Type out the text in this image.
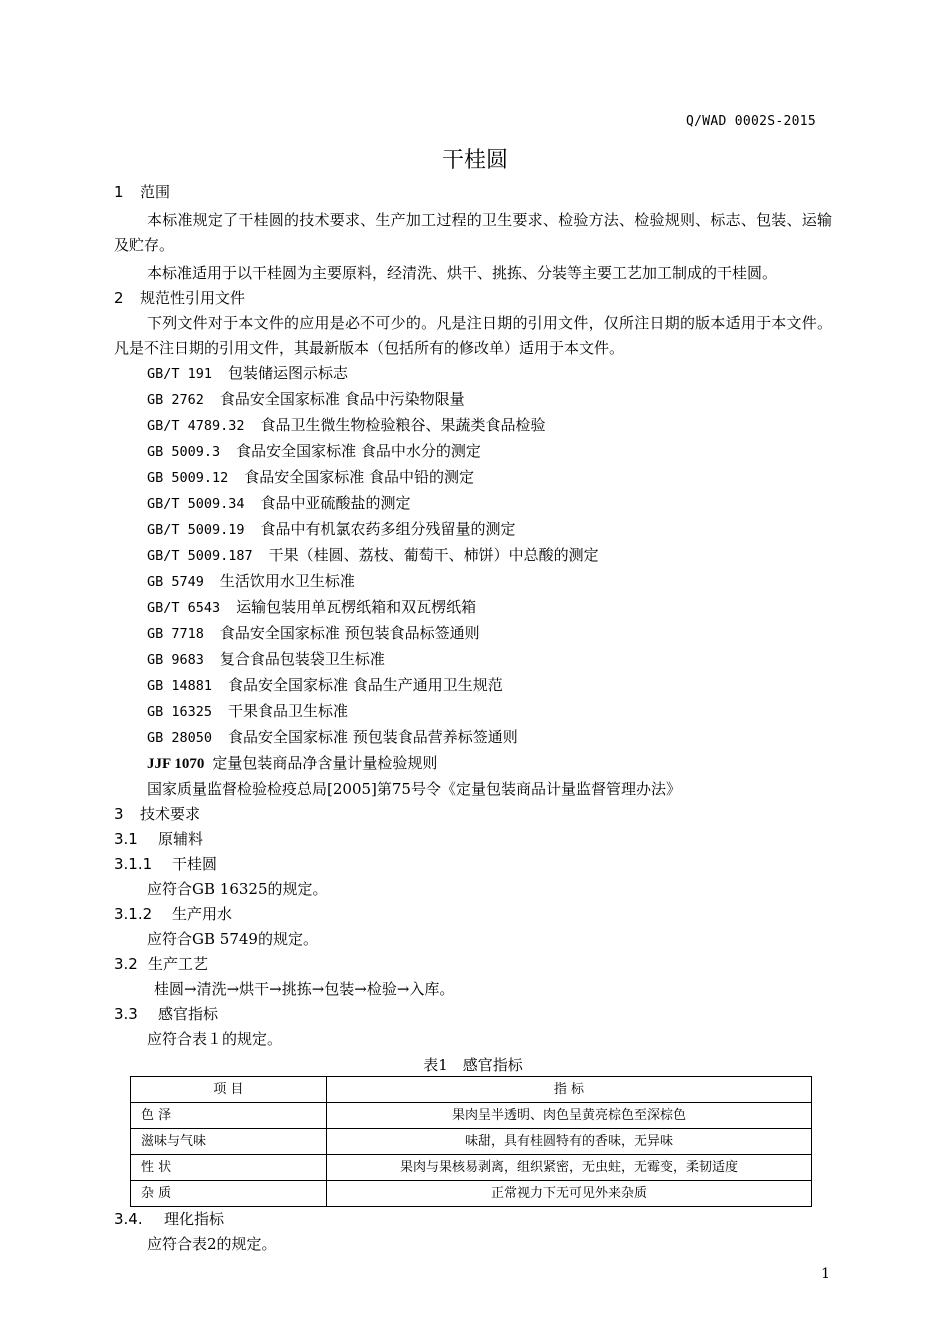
Q/WAD 0002S-2015
干桂圆
1 范围

本标准规定了干桂圆的技术要求、生产加工过程的卫生要求、检验方法、检验规则、标志、包装、运输及贮存。

本标准适用于以干桂圆为主要原料，经清洗、烘干、挑拣、分装等主要工艺加工制成的干桂圆。

2 规范性引用文件

下列文件对于本文件的应用是必不可少的。凡是注日期的引用文件，仅所注日期的版本适用于本文件。凡是不注日期的引用文件，其最新版本（包括所有的修改单）适用于本文件。

GB/T 191 包装储运图示标志
GB 2762 食品安全国家标准 食品中污染物限量
GB/T 4789.32 食品卫生微生物检验粮谷、果蔬类食品检验
GB 5009.3 食品安全国家标准 食品中水分的测定
GB 5009.12 食品安全国家标准 食品中铅的测定
GB/T 5009.34 食品中亚硫酸盐的测定
GB/T 5009.19 食品中有机氯农药多组分残留量的测定
GB/T 5009.187 干果（桂圆、荔枝、葡萄干、柿饼）中总酸的测定
GB 5749 生活饮用水卫生标准
GB/T 6543 运输包装用单瓦楞纸箱和双瓦楞纸箱
GB 7718 食品安全国家标准 预包装食品标签通则
GB 9683 复合食品包装袋卫生标准
GB 14881 食品安全国家标准 食品生产通用卫生规范
GB 16325 干果食品卫生标准
GB 28050 食品安全国家标准 预包装食品营养标签通则
JJF 1070 定量包装商品净含量计量检验规则
国家质量监督检验检疫总局[2005]第75号令《定量包装商品计量监督管理办法》
3 技术要求
3.1 原辅料
3.1.1 干桂圆

应符合GB 16325的规定。

3.1.2 生产用水

应符合GB 5749的规定。

3.2 生产工艺

桂圆→清洗→烘干→挑拣→包装→检验→入库。

3.3 感官指标

应符合表１的规定。

表1　感官指标
项 目	指 标
色 泽	果肉呈半透明、肉色呈黄亮棕色至深棕色
滋味与气味	味甜，具有桂圆特有的香味，无异味
性 状	果肉与果核易剥离，组织紧密，无虫蛀，无霉变，柔韧适度
杂 质	正常视力下无可见外来杂质
3.4. 理化指标

应符合表2的规定。

1
